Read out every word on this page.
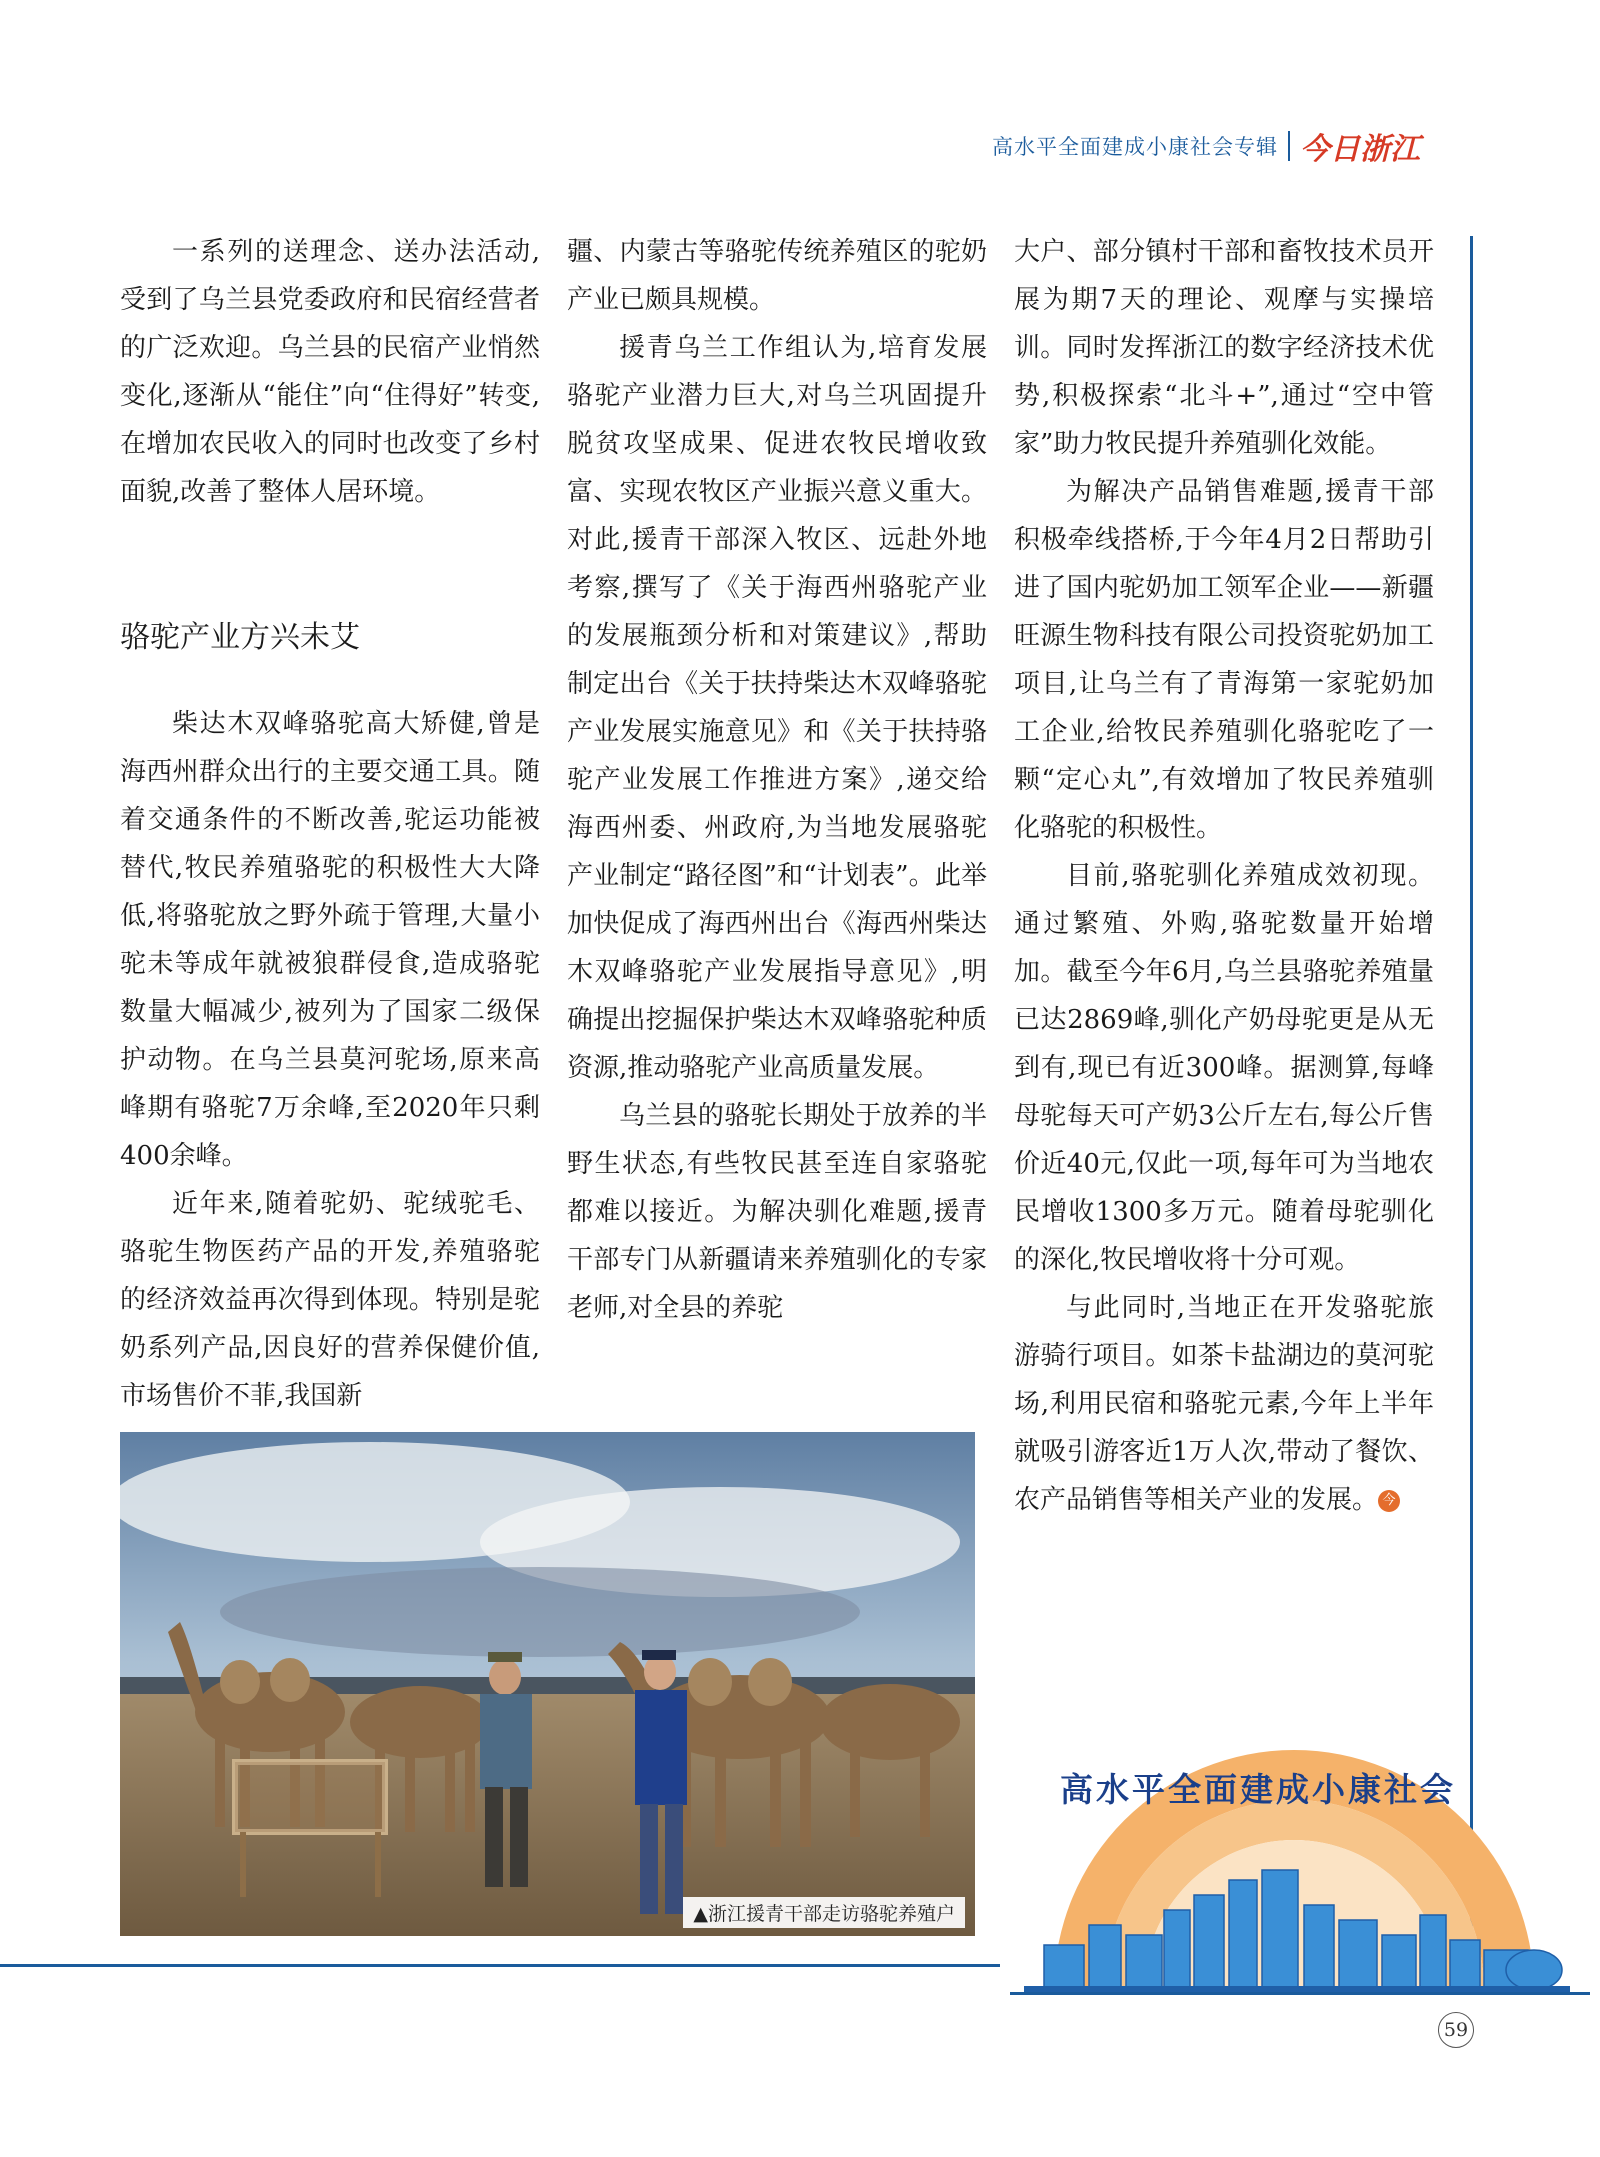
高水平全面建成小康社会专辑 今日浙江

一系列的送理念、送办法活动,受到了乌兰县党委政府和民宿经营者的广泛欢迎。乌兰县的民宿产业悄然变化,逐渐从“能住”向“住得好”转变,在增加农民收入的同时也改变了乡村面貌,改善了整体人居环境。

骆驼产业方兴未艾

柴达木双峰骆驼高大矫健,曾是海西州群众出行的主要交通工具。随着交通条件的不断改善,驼运功能被替代,牧民养殖骆驼的积极性大大降低,将骆驼放之野外疏于管理,大量小驼未等成年就被狼群侵食,造成骆驼数量大幅减少,被列为了国家二级保护动物。在乌兰县莫河驼场,原来高峰期有骆驼7万余峰,至2020年只剩400余峰。

近年来,随着驼奶、驼绒驼毛、骆驼生物医药产品的开发,养殖骆驼的经济效益再次得到体现。特别是驼奶系列产品,因良好的营养保健价值,市场售价不菲,我国新

疆、内蒙古等骆驼传统养殖区的驼奶产业已颇具规模。

援青乌兰工作组认为,培育发展骆驼产业潜力巨大,对乌兰巩固提升脱贫攻坚成果、促进农牧民增收致富、实现农牧区产业振兴意义重大。对此,援青干部深入牧区、远赴外地考察,撰写了《关于海西州骆驼产业的发展瓶颈分析和对策建议》,帮助制定出台《关于扶持柴达木双峰骆驼产业发展实施意见》和《关于扶持骆驼产业发展工作推进方案》,递交给海西州委、州政府,为当地发展骆驼产业制定“路径图”和“计划表”。此举加快促成了海西州出台《海西州柴达木双峰骆驼产业发展指导意见》,明确提出挖掘保护柴达木双峰骆驼种质资源,推动骆驼产业高质量发展。

乌兰县的骆驼长期处于放养的半野生状态,有些牧民甚至连自家骆驼都难以接近。为解决驯化难题,援青干部专门从新疆请来养殖驯化的专家老师,对全县的养驼

大户、部分镇村干部和畜牧技术员开展为期7天的理论、观摩与实操培训。同时发挥浙江的数字经济技术优势,积极探索“北斗+”,通过“空中管家”助力牧民提升养殖驯化效能。

为解决产品销售难题,援青干部积极牵线搭桥,于今年4月2日帮助引进了国内驼奶加工领军企业——新疆旺源生物科技有限公司投资驼奶加工项目,让乌兰有了青海第一家驼奶加工企业,给牧民养殖驯化骆驼吃了一颗“定心丸”,有效增加了牧民养殖驯化骆驼的积极性。

目前,骆驼驯化养殖成效初现。通过繁殖、外购,骆驼数量开始增加。截至今年6月,乌兰县骆驼养殖量已达2869峰,驯化产奶母驼更是从无到有,现已有近300峰。据测算,每峰母驼每天可产奶3公斤左右,每公斤售价近40元,仅此一项,每年可为当地农民增收1300多万元。随着母驼驯化的深化,牧民增收将十分可观。

与此同时,当地正在开发骆驼旅游骑行项目。如茶卡盐湖边的莫河驼场,利用民宿和骆驼元素,今年上半年就吸引游客近1万人次,带动了餐饮、农产品销售等相关产业的发展。 今

▲浙江援青干部走访骆驼养殖户
高水平全面建成小康社会
59
